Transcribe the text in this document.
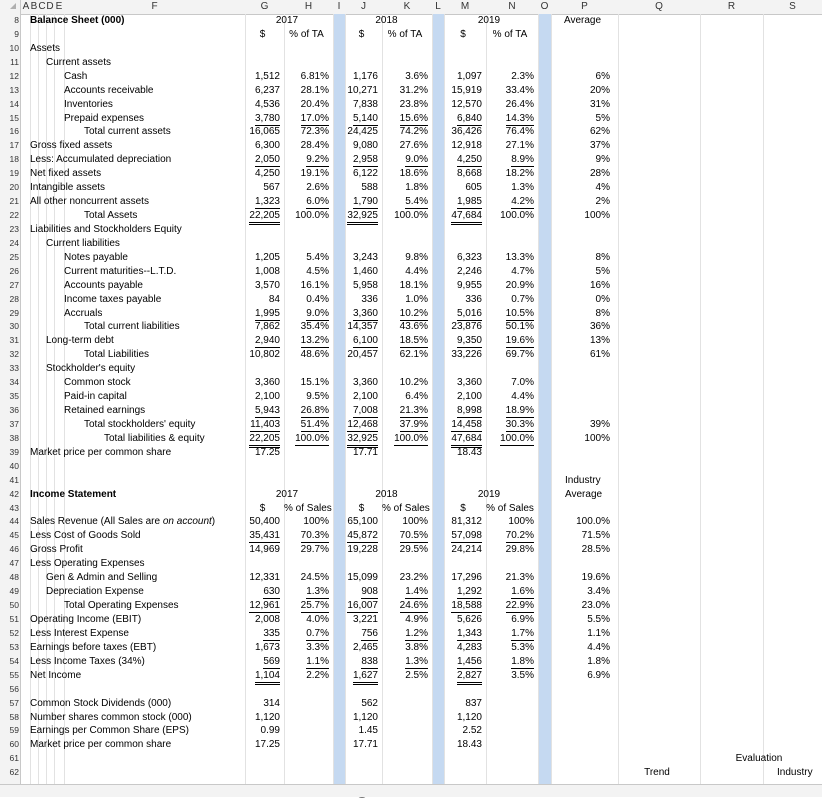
A B C D E	F	G	H	I	J	K	L	M	N	O	P	Q	R	S
8 Balance Sheet (000)	2017	2018	2019	Average
9	$	% of TA	$	% of TA	$	% of TA
10 Assets
11	Current assets
12	Cash	1,512	6.81%	1,176	3.6%	1,097	2.3%	6%
13	Accounts receivable	6,237	28.1% 10,271	31.2%	15,919	33.4%	20%
14	Inventories	4,536	20.4%	7,838	23.8%	12,570	26.4%	31%
15	Prepaid expenses	3,780 17.0% 5,140 15.6%	6,840 14.3%	5%
16	Total current assets	16,065	72.3% 24,425	74.2%	36,426	76.4%	62%
17 Gross fixed assets	6,300	28.4%	9,080	27.6%	12,918	27.1%	37%
18 Less: Accumulated depreciation	2,050	9.2% 2,958	9.0%	4,250	8.9%	9%
19 Net fixed assets	4,250	19.1%	6,122	18.6%	8,668	18.2%	28%
20 Intangible assets	567	2.6%	588	1.8%	605	1.3%	4%
21 All other noncurrent assets	1,323	6.0% 1,790	5.4%	1,985	4.2%	2%
22	Total Assets	22,205	100.0% 32,925	100.0% 47,684	100.0%	100%
23 Liabilities and Stockholders Equity
24	Current liabilities
25	Notes payable	1,205	5.4%	3,243	9.8%	6,323	13.3%	8%
26	Current maturities--L.T.D.	1,008	4.5%	1,460	4.4%	2,246	4.7%	5%
27	Accounts payable	3,570	16.1%	5,958	18.1%	9,955	20.9%	16%
28	Income taxes payable	84	0.4%	336	1.0%	336	0.7%	0%
29	Accruals	1,995	9.0% 3,360 10.2%	5,016 10.5%	8%
30	Total current liabilities	7,862	35.4% 14,357	43.6%	23,876	50.1%	36%
31	Long-term debt	2,940 13.2% 6,100 18.5%	9,350 19.6%	13%
32	Total Liabilities	10,802	48.6% 20,457	62.1%	33,226	69.7%	61%
33	Stockholder's equity
34	Common stock	3,360	15.1%	3,360	10.2%	3,360	7.0%
35	Paid-in capital	2,100	9.5%	2,100	6.4%	2,100	4.4%
36	Retained earnings	5,943 26.8% 7,008 21.3%	8,998 18.9%
37	Total stockholders' equity	11,403 51.4% 12,468 37.9% 14,458 30.3%	39%
38	Total liabilities & equity	22,205 100.0% 32,925 100.0% 47,684 100.0%	100%
39 Market price per common share	17.25	17.71	18.43
40
41	Industry
42 Income Statement	2017	2018	2019	Average
43	$	% of Sales	$	% of Sales	$	% of Sales
44 Sales Revenue (All Sales are on account)	50,400	100% 65,100	100%	81,312	100%	100.0%
45 Less Cost of Goods Sold	35,431 70.3% 45,872 70.5% 57,098 70.2%	71.5%
46 Gross Profit	14,969	29.7% 19,228	29.5%	24,214	29.8%	28.5%
47 Less Operating Expenses
48	Gen & Admin and Selling	12,331	24.5% 15,099	23.2%	17,296	21.3%	19.6%
49	Depreciation Expense	630	1.3%	908	1.4%	1,292	1.6%	3.4%
50	Total Operating Expenses	12,961 25.7% 16,007 24.6% 18,588 22.9%	23.0%
51 Operating Income (EBIT)	2,008	4.0%	3,221	4.9%	5,626	6.9%	5.5%
52 Less Interest Expense	335	0.7%	756	1.2%	1,343	1.7%	1.1%
53 Earnings before taxes (EBT)	1,673	3.3%	2,465	3.8%	4,283	5.3%	4.4%
54 Less Income Taxes (34%)	569	1.1%	838	1.3%	1,456	1.8%	1.8%
55 Net Income	1,104	2.2% 1,627	2.5%	2,827	3.5%	6.9%
56
57 Common Stock Dividends (000)	314	562	837
58 Number shares common stock (000)	1,120	1,120	1,120
59 Earnings per Common Share (EPS)	0.99	1.45	2.52
60 Market price per common share	17.25	17.71	18.43
61	Evaluation
62	Trend	Industry
